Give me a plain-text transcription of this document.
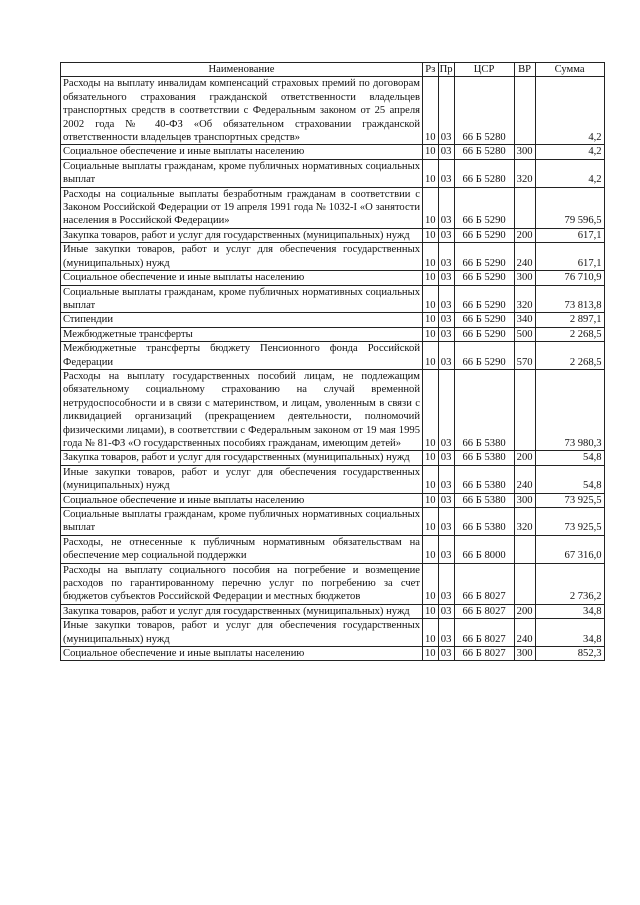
Наименование	Рз	Пр	ЦСР	ВР	Сумма
Расходы на выплату инвалидам компенсаций страховых премий по договорам обязательного страхования гражданской ответственности владельцев транспортных средств в соответствии с Федеральным законом от 25 апреля 2002 года № 40-ФЗ «Об обязательном страховании гражданской ответственности владельцев транспортных средств»	10	03	66 Б 5280		4,2
Социальное обеспечение и иные выплаты населению	10	03	66 Б 5280	300	4,2
Социальные выплаты гражданам, кроме публичных нормативных социальных выплат	10	03	66 Б 5280	320	4,2
Расходы на социальные выплаты безработным гражданам в соответствии с Законом Российской Федерации от 19 апреля 1991 года № 1032-I «О занятости населения в Российской Федерации»	10	03	66 Б 5290		79 596,5
Закупка товаров, работ и услуг для государственных (муниципальных) нужд	10	03	66 Б 5290	200	617,1
Иные закупки товаров, работ и услуг для обеспечения государственных (муниципальных) нужд	10	03	66 Б 5290	240	617,1
Социальное обеспечение и иные выплаты населению	10	03	66 Б 5290	300	76 710,9
Социальные выплаты гражданам, кроме публичных нормативных социальных выплат	10	03	66 Б 5290	320	73 813,8
Стипендии	10	03	66 Б 5290	340	2 897,1
Межбюджетные трансферты	10	03	66 Б 5290	500	2 268,5
Межбюджетные трансферты бюджету Пенсионного фонда Российской Федерации	10	03	66 Б 5290	570	2 268,5
Расходы на выплату государственных пособий лицам, не подлежащим обязательному социальному страхованию на случай временной нетрудоспособности и в связи с материнством, и лицам, уволенным в связи с ликвидацией организаций (прекращением деятельности, полномочий физическими лицами), в соответствии с Федеральным законом от 19 мая 1995 года № 81-ФЗ «О государственных пособиях гражданам, имеющим детей»	10	03	66 Б 5380		73 980,3
Закупка товаров, работ и услуг для государственных (муниципальных) нужд	10	03	66 Б 5380	200	54,8
Иные закупки товаров, работ и услуг для обеспечения государственных (муниципальных) нужд	10	03	66 Б 5380	240	54,8
Социальное обеспечение и иные выплаты населению	10	03	66 Б 5380	300	73 925,5
Социальные выплаты гражданам, кроме публичных нормативных социальных выплат	10	03	66 Б 5380	320	73 925,5
Расходы, не отнесенные к публичным нормативным обязательствам на обеспечение мер социальной поддержки	10	03	66 Б 8000		67 316,0
Расходы на выплату социального пособия на погребение и возмещение расходов по гарантированному перечню услуг по погребению за счет бюджетов субъектов Российской Федерации и местных бюджетов	10	03	66 Б 8027		2 736,2
Закупка товаров, работ и услуг для государственных (муниципальных) нужд	10	03	66 Б 8027	200	34,8
Иные закупки товаров, работ и услуг для обеспечения государственных (муниципальных) нужд	10	03	66 Б 8027	240	34,8
Социальное обеспечение и иные выплаты населению	10	03	66 Б 8027	300	852,3
